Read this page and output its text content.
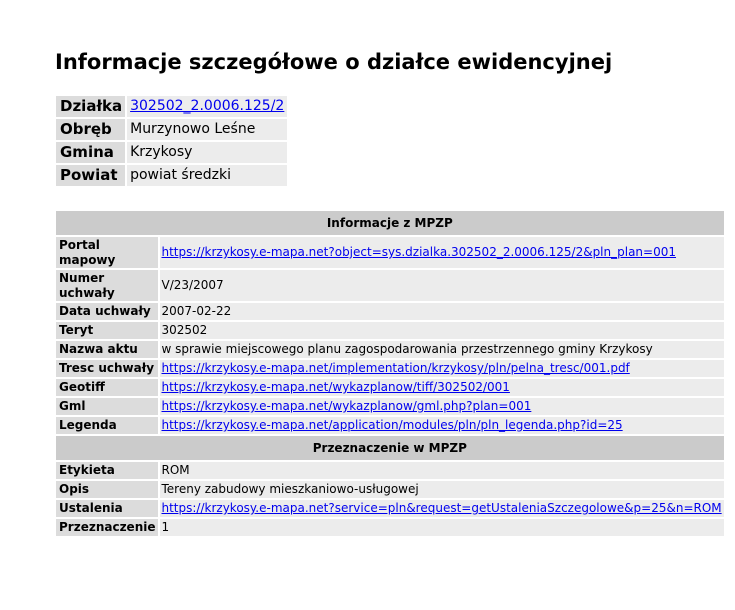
Informacje szczegółowe o działce ewidencyjnej
Działka	302502_2.0006.125/2
Obręb	Murzynowo Leśne
Gmina	Krzykosy
Powiat	powiat średzki
Informacje z MPZP	
Portal mapowy	https://krzykosy.e-mapa.net?object=sys.dzialka.302502_2.0006.125/2&pln_plan=001
Numer uchwały	V/23/2007
Data uchwały	2007-02-22
Teryt	302502
Nazwa aktu	w sprawie miejscowego planu zagospodarowania przestrzennego gminy Krzykosy
Tresc uchwały	https://krzykosy.e-mapa.net/implementation/krzykosy/pln/pelna_tresc/001.pdf
Geotiff	https://krzykosy.e-mapa.net/wykazplanow/tiff/302502/001
Gml	https://krzykosy.e-mapa.net/wykazplanow/gml.php?plan=001
Legenda	https://krzykosy.e-mapa.net/application/modules/pln/pln_legenda.php?id=25
Przeznaczenie w MPZP	
Etykieta	ROM
Opis	Tereny zabudowy mieszkaniowo-usługowej
Ustalenia	https://krzykosy.e-mapa.net?service=pln&request=getUstaleniaSzczegolowe&p=25&n=ROM
Przeznaczenie	1
